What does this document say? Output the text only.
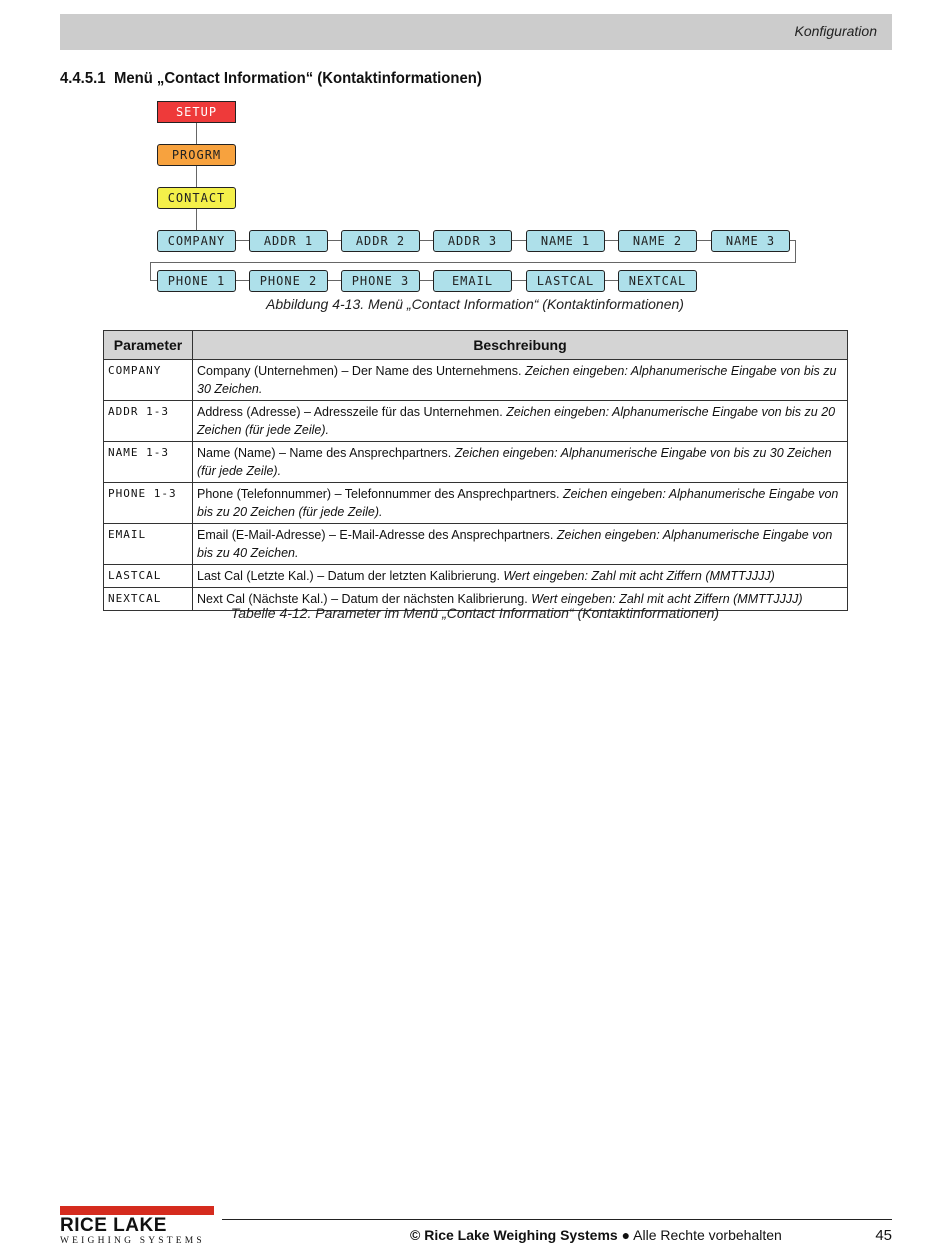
Konfiguration
4.4.5.1 Menü „Contact Information“ (Kontaktinformationen)
SETUP
PROGRM
CONTACT
COMPANY	ADDR 1	ADDR 2	ADDR 3	NAME 1	NAME 2	NAME 3
PHONE 1	PHONE 2	PHONE 3	EMAIL	LASTCAL	NEXTCAL
Abbildung 4-13. Menü „Contact Information“ (Kontaktinformationen)
Parameter	Beschreibung
COMPANY	Company (Unternehmen) – Der Name des Unternehmens. Zeichen eingeben: Alphanumerische Eingabe von bis zu 30 Zeichen.
ADDR 1-3	Address (Adresse) – Adresszeile für das Unternehmen. Zeichen eingeben: Alphanumerische Eingabe von bis zu 20 Zeichen (für jede Zeile).
NAME 1-3	Name (Name) – Name des Ansprechpartners. Zeichen eingeben: Alphanumerische Eingabe von bis zu 30 Zeichen (für jede Zeile).
PHONE 1-3	Phone (Telefonnummer) – Telefonnummer des Ansprechpartners. Zeichen eingeben: Alphanumerische Eingabe von bis zu 20 Zeichen (für jede Zeile).
EMAIL	Email (E-Mail-Adresse) – E-Mail-Adresse des Ansprechpartners. Zeichen eingeben: Alphanumerische Eingabe von bis zu 40 Zeichen.
LASTCAL	Last Cal (Letzte Kal.) – Datum der letzten Kalibrierung. Wert eingeben: Zahl mit acht Ziffern (MMTTJJJJ)
NEXTCAL	Next Cal (Nächste Kal.) – Datum der nächsten Kalibrierung. Wert eingeben: Zahl mit acht Ziffern (MMTTJJJJ)
Tabelle 4-12. Parameter im Menü „Contact Information“ (Kontaktinformationen)
RICE LAKE
WEIGHING SYSTEMS	© Rice Lake Weighing Systems ● Alle Rechte vorbehalten	45
